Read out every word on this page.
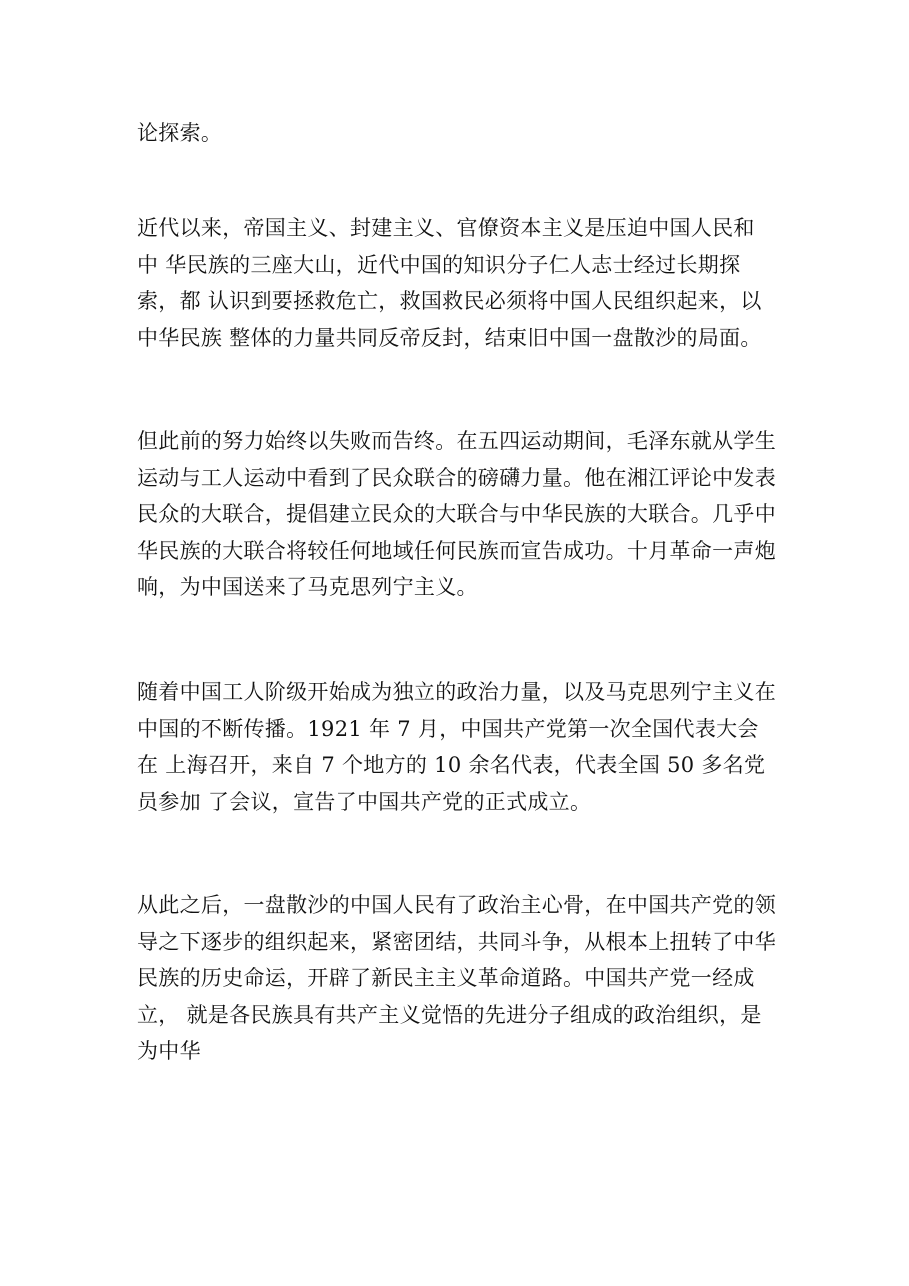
论探索。

近代以来，帝国主义、封建主义、官僚资本主义是压迫中国人民和
中 华民族的三座大山，近代中国的知识分子仁人志士经过长期探
索，都 认识到要拯救危亡，救国救民必须将中国人民组织起来，以
中华民族 整体的力量共同反帝反封，结束旧中国一盘散沙的局面。

但此前的努力始终以失败而告终。在五四运动期间，毛泽东就从学生
运动与工人运动中看到了民众联合的磅礴力量。他在湘江评论中发表
民众的大联合，提倡建立民众的大联合与中华民族的大联合。几乎中
华民族的大联合将较任何地域任何民族而宣告成功。十月革命一声炮
响，为中国送来了马克思列宁主义。

随着中国工人阶级开始成为独立的政治力量，以及马克思列宁主义在
中国的不断传播。1921 年 7 月，中国共产党第一次全国代表大会
在 上海召开，来自 7 个地方的 10 余名代表，代表全国 50 多名党
员参加 了会议，宣告了中国共产党的正式成立。

从此之后，一盘散沙的中国人民有了政治主心骨，在中国共产党的领
导之下逐步的组织起来，紧密团结，共同斗争，从根本上扭转了中华
民族的历史命运，开辟了新民主主义革命道路。中国共产党一经成
立， 就是各民族具有共产主义觉悟的先进分子组成的政治组织，是
为中华
